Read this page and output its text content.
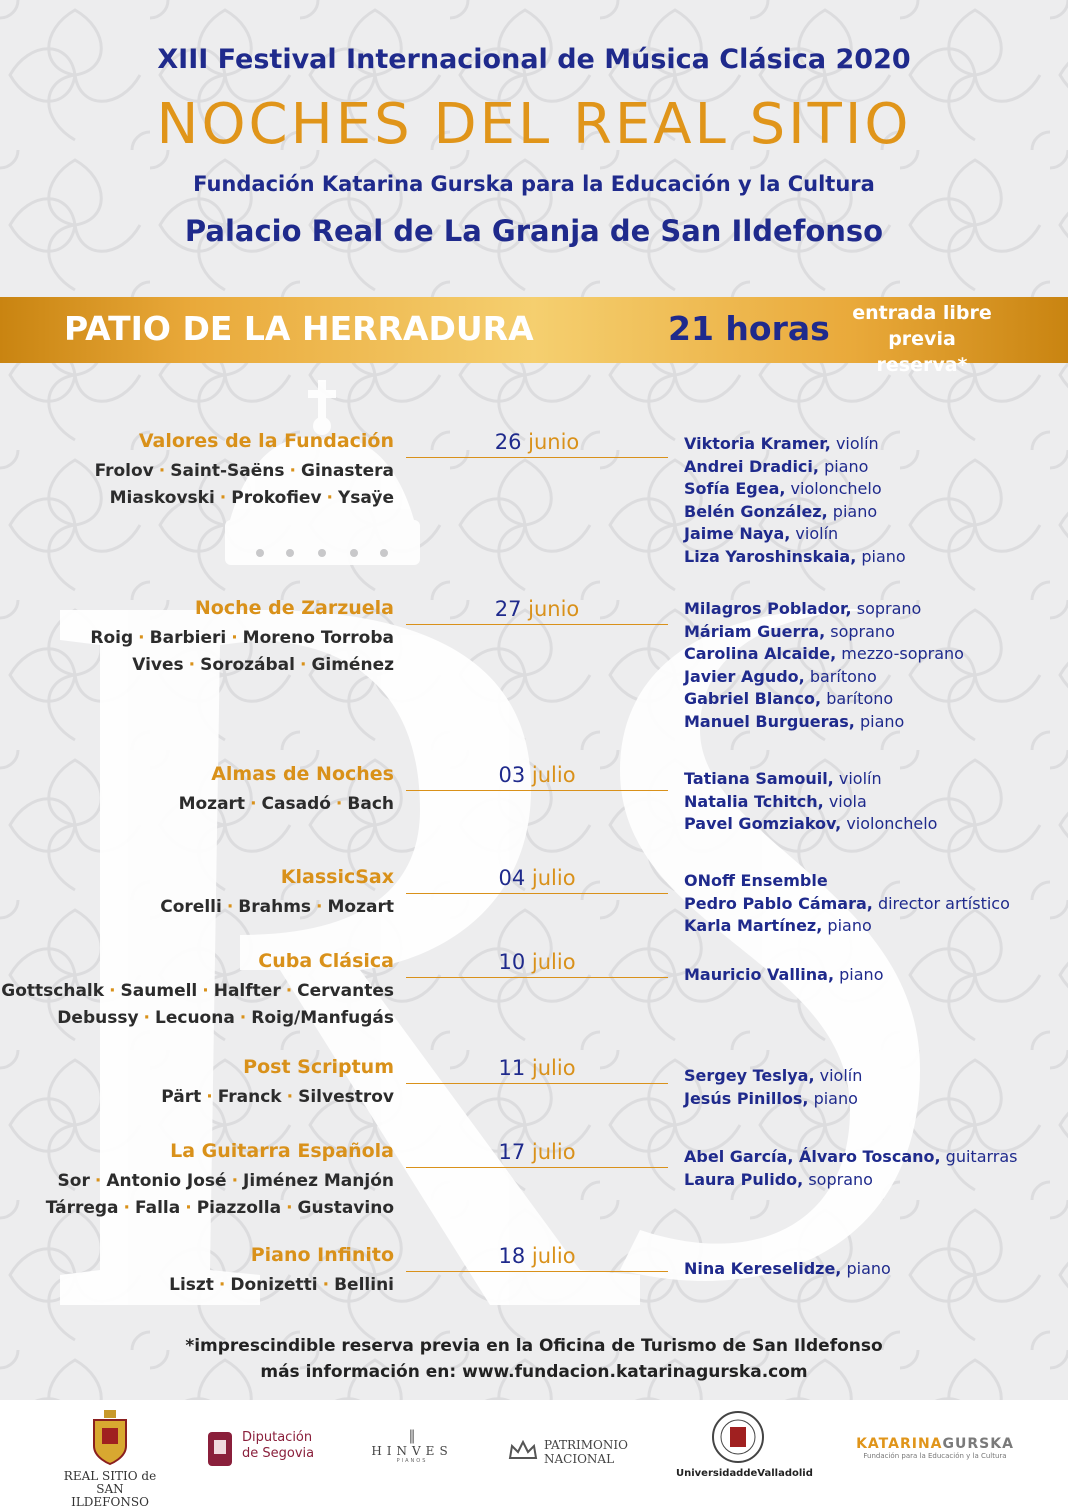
XIII Festival Internacional de Música Clásica 2020
NOCHES DEL REAL SITIO
Fundación Katarina Gurska para la Educación y la Cultura
Palacio Real de La Granja de San Ildefonso
PATIO DE LA HERRADURA	21 horas entrada libre
previa reserva*
Valores de la Fundación
Frolov · Saint-Saëns · Ginastera
Miaskovski · Prokofiev · Ysaÿe
26 junio	Viktoria Kramer, violín
Andrei Dradici, piano
Sofía Egea, violonchelo
Belén González, piano
Jaime Naya, violín
Liza Yaroshinskaia, piano
Noche de Zarzuela
Roig · Barbieri · Moreno Torroba
Vives · Sorozábal · Giménez
27 junio	Milagros Poblador, soprano
Máriam Guerra, soprano
Carolina Alcaide, mezzo-soprano
Javier Agudo, barítono
Gabriel Blanco, barítono
Manuel Burgueras, piano
Almas de Noches
Mozart · Casadó · Bach
03 julio	Tatiana Samouil, violín
Natalia Tchitch, viola
Pavel Gomziakov, violonchelo
KlassicSax
Corelli · Brahms · Mozart
04 julio	ONoff Ensemble
Pedro Pablo Cámara, director artístico
Karla Martínez, piano
Cuba Clásica
Gottschalk · Saumell · Halfter · Cervantes
Debussy · Lecuona · Roig/Manfugás
10 julio
Mauricio Vallina, piano
Post Scriptum
Pärt · Franck · Silvestrov
11 julio	Sergey Teslya, violín
Jesús Pinillos, piano
La Guitarra Española
Sor · Antonio José · Jiménez Manjón
Tárrega · Falla · Piazzolla · Gustavino
17 julio	Abel García, Álvaro Toscano, guitarras
Laura Pulido, soprano
Piano Infinito
Liszt · Donizetti · Bellini
18 julio
Nina Kereselidze, piano
*imprescindible reserva previa en la Oficina de Turismo de San Ildefonso
más información en: www.fundacion.katarinagurska.com
REAL SITIO de
SAN ILDEFONSO
Diputación
de Segovia
‖
HINVES
PIANOS
PATRIMONIO
NACIONAL
UniversidaddeValladolid
KATARINAGURSKA
Fundación para la Educación y la Cultura
